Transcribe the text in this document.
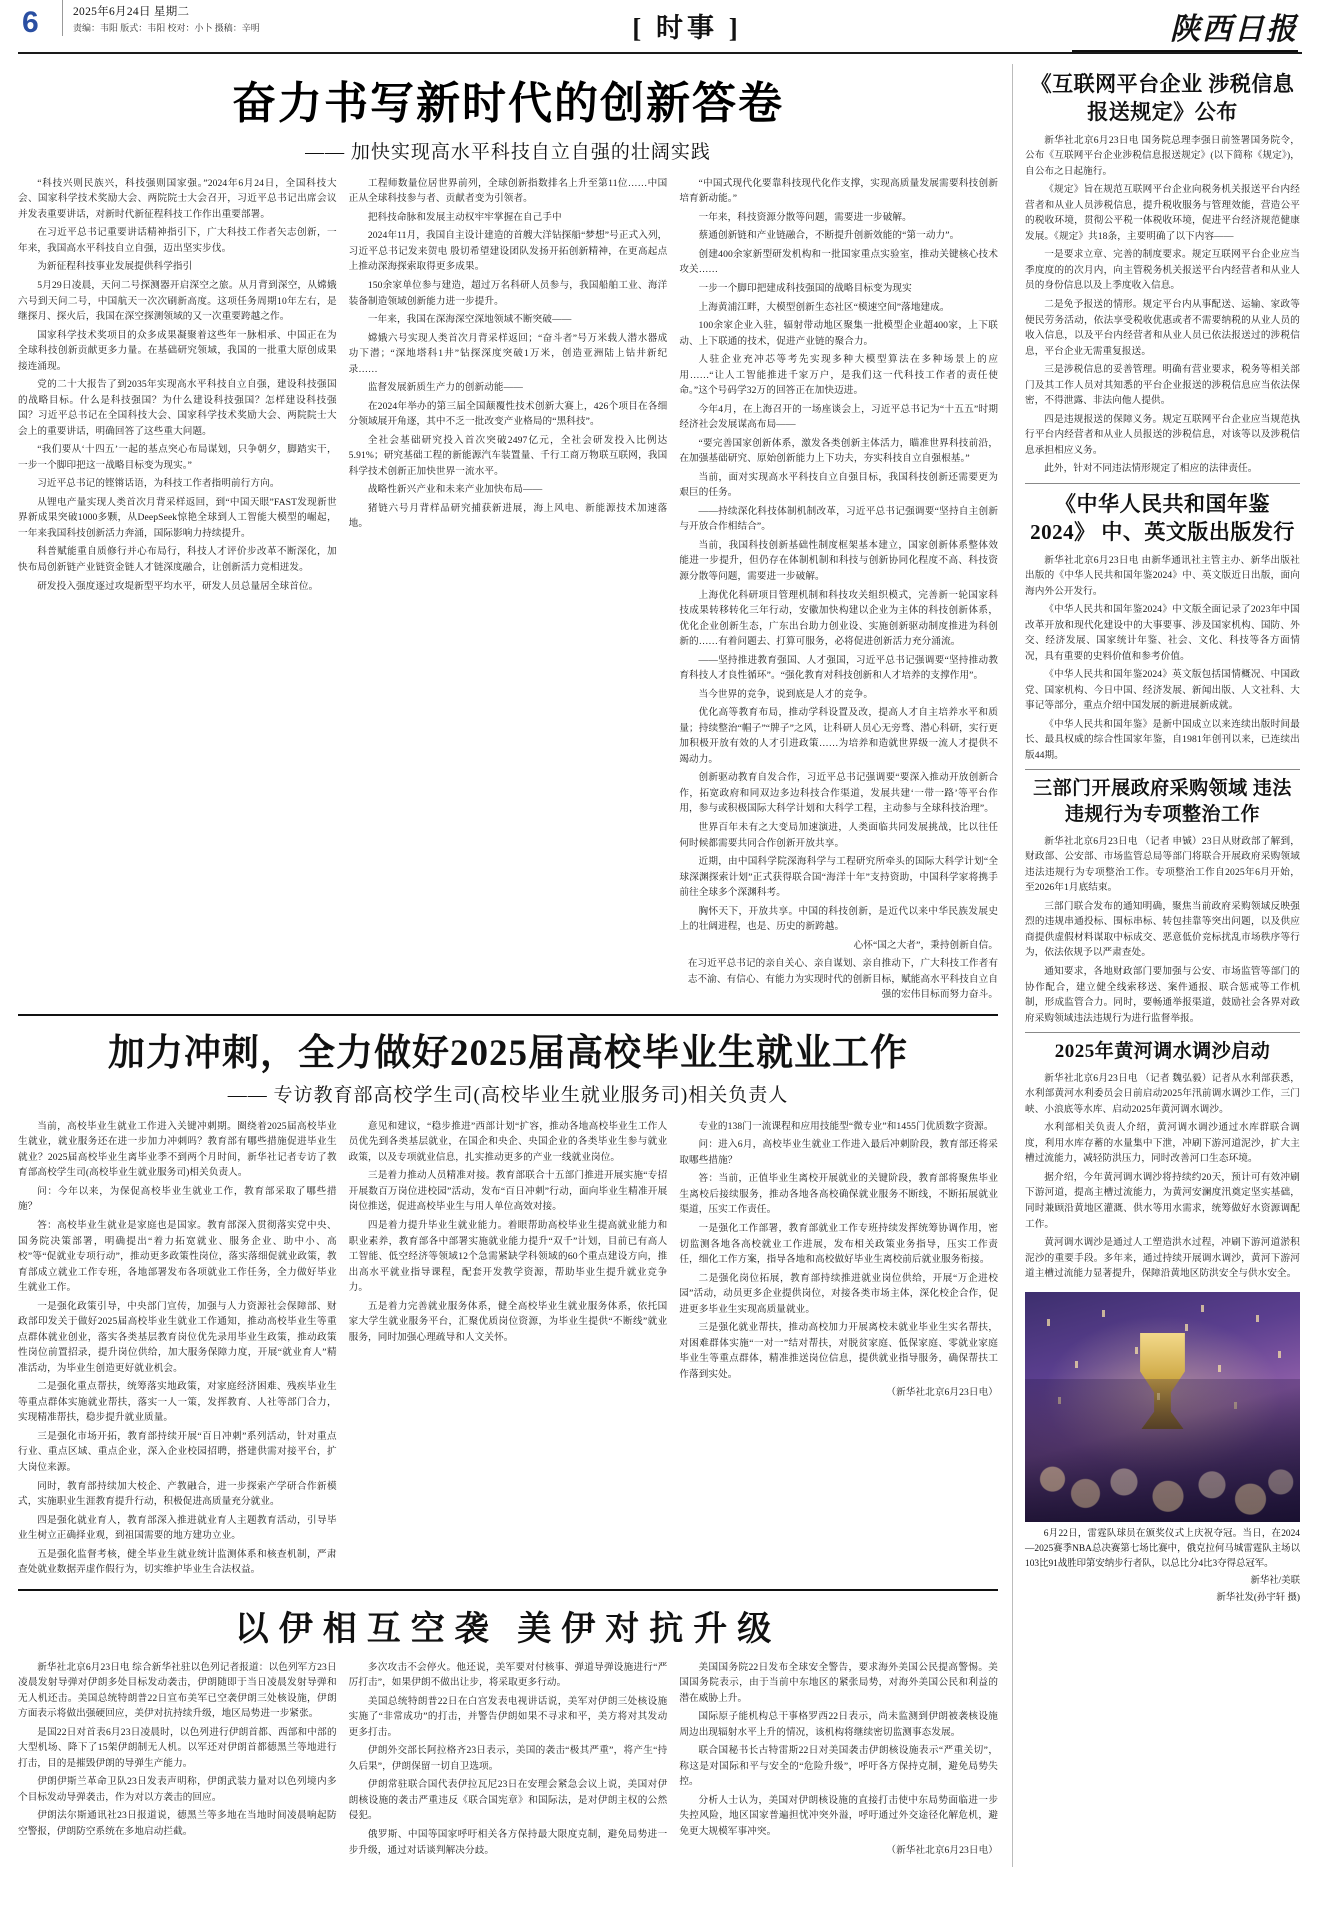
6	2025年6月24日 星期二
责编：韦阳 版式：韦阳 校对：小卜 摄稿：辛明	[ 时事 ]	陕西日报
奋力书写新时代的创新答卷
—— 加快实现高水平科技自立自强的壮阔实践

“科技兴则民族兴，科技强则国家强。”2024年6月24日，全国科技大会、国家科学技术奖励大会、两院院士大会召开，习近平总书记出席会议并发表重要讲话，对新时代新征程科技工作作出重要部署。

在习近平总书记重要讲话精神指引下，广大科技工作者矢志创新，一年来，我国高水平科技自立自强，迈出坚实步伐。

为新征程科技事业发展提供科学指引

5月29日凌晨，天问二号探测器开启深空之旅。从月背到深空，从嫦娥六号到天问二号，中国航天一次次刷新高度。这项任务周期10年左右，是继探月、探火后，我国在深空探测领域的又一次重要跨越之作。

国家科学技术奖项目的众多成果凝聚着这些年一脉相承、中国正在为全球科技创新贡献更多力量。在基础研究领域，我国的一批重大原创成果接连涌现。

党的二十大报告了到2035年实现高水平科技自立自强，建设科技强国的战略目标。什么是科技强国？为什么建设科技强国？怎样建设科技强国？习近平总书记在全国科技大会、国家科学技术奖励大会、两院院士大会上的重要讲话，明确回答了这些重大问题。

“我们要从‘十四五’一起的基点突心布局谋划，只争朝夕，脚踏实干，一步一个脚印把这一战略目标变为现实。”

习近平总书记的铿锵话语，为科技工作者指明前行方向。

从锂电产量实现人类首次月背采样返回，到“中国天眼”FAST发现新世界新成果突破1000多颗，从DeepSeek惊艳全球到人工智能大模型的崛起，一年来我国科技创新活力奔涌，国际影响力持续提升。

科普赋能重自质修行并心布局行，科技人才评价步改革不断深化，加快布局创新链产业链资金链人才链深度融合，让创新活力竞相迸发。

研发投入强度逐过攻堤新型平均水平，研发人员总量居全球首位。

工程师数量位居世界前列，全球创新指数排名上升至第11位……中国正从全球科技参与者、贡献者变为引领者。

把科技命脉和发展主动权牢牢掌握在自己手中

2024年11月，我国自主设计建造的首艘大洋钻探船“梦想”号正式入列，习近平总书记发来贺电 殷切希望建设团队发扬开拓创新精神，在更高起点上推动深海探索取得更多成果。

150余家单位参与建造，超过万名科研人员参与，我国船舶工业、海洋装备制造领域创新能力进一步提升。

一年来，我国在深海深空深地领域不断突破——

嫦娥六号实现人类首次月背采样返回；“奋斗者”号万米载人潜水器成功下潜；“深地塔科1井”钻探深度突破1万米，创造亚洲陆上钻井新纪录……

监督发展新质生产力的创新动能——

在2024年举办的第三届全国颠覆性技术创新大赛上，426个项目在各细分领域展开角逐，其中不乏一批改变产业格局的“黑科技”。

全社会基础研究投入首次突破2497亿元，全社会研发投入比例达5.91%；研究基础工程的新能源汽车装置量、千行工商万物联互联网，我国科学技术创新正加快世界一流水平。

战略性新兴产业和未来产业加快布局——

猪链六号月背样品研究捕获新进展，海上风电、新能源技术加速落地。

“中国式现代化要靠科技现代化作支撑，实现高质量发展需要科技创新培育新动能。”

一年来，科技资源分散等问题，需要进一步破解。

蔡通创新链和产业链融合，不断提升创新效能的“第一动力”。

创建400余家新型研发机构和一批国家重点实验室，推动关键核心技术攻关……

一步一个脚印把建成科技强国的战略目标变为现实

上海黄浦江畔，大模型创新生态社区“模速空间”落地建成。

100余家企业入驻，辐射带动地区聚集一批模型企业超400家，上下联动、上下联通的技术，促进产业链的聚合力。

人驻企业充冲芯等考先实现多种大模型算法在多种场景上的应用……“让人工智能推进千家万户，是我们这一代科技工作者的责任使命。”这个号码学32万的回答正在加快迈进。

今年4月，在上海召开的一场座谈会上，习近平总书记为“十五五”时期经济社会发展谋高布局——

“要完善国家创新体系，激发各类创新主体活力，瞄准世界科技前沿，在加强基础研究、原始创新能力上下功夫，夯实科技自立自强根基。”

当前，面对实现高水平科技自立自强目标，我国科技创新还需要更为艰巨的任务。

——持续深化科技体制机制改革，习近平总书记强调要“坚持自主创新与开放合作相结合”。

当前，我国科技创新基础性制度框架基本建立，国家创新体系整体效能进一步提升，但仍存在体制机制和科技与创新协同化程度不高、科技资源分散等问题，需要进一步破解。

上海优化科研项目管理机制和科技攻关组织模式，完善新一轮国家科技成果转移转化三年行动，安徽加快构建以企业为主体的科技创新体系，优化企业创新生态，广东出台助力创业设、实施创新驱动制度推进为科创新的……有着问题去、打算可服务，必将促进创新活力充分涌流。

——坚持推进教育强国、人才强国，习近平总书记强调要“坚持推动教育科技人才良性循环”。“强化教育对科技创新和人才培养的支撑作用”。

当今世界的竞争，说到底是人才的竞争。

优化高等教育布局，推动学科设置及改，提高人才自主培养水平和质量；持续整治“帽子”“牌子”之风，让科研人员心无旁骛、潜心科研，实行更加积极开放有效的人才引进政策……为培养和造就世界级一流人才提供不竭动力。

创新驱动教育自发合作，习近平总书记强调要“要深入推动开放创新合作，拓宽政府和同双边多边科技合作渠道，发展共建‘一带一路’等平台作用，参与或积极国际大科学计划和大科学工程，主动参与全球科技治理”。

世界百年未有之大变局加速演进，人类面临共同发展挑战，比以往任何时候都需要共同合作创新开放共享。

近期，由中国科学院深海科学与工程研究所牵头的国际大科学计划“全球深渊探索计划”正式获得联合国“海洋十年”支持资助，中国科学家将携手前往全球多个深渊科考。

胸怀天下，开放共享。中国的科技创新，是近代以来中华民族发展史上的壮阔进程，也是、历史的新跨越。

心怀“国之大者”，秉持创新自信。

在习近平总书记的亲自关心、亲自谋划、亲自推动下，广大科技工作者有志不渝、有信心、有能力为实现时代的创新目标，赋能高水平科技自立自强的宏伟目标而努力奋斗。

加力冲刺，全力做好2025届高校毕业生就业工作
—— 专访教育部高校学生司(高校毕业生就业服务司)相关负责人

当前，高校毕业生就业工作进入关键冲刺期。圈绕着2025届高校毕业生就业，就业服务还在进一步加力冲刺吗？教育部有哪些措施促进毕业生就业？2025届高校毕业生离毕业季不到两个月时间，新华社记者专访了教育部高校学生司(高校毕业生就业服务司)相关负责人。

问：今年以来，为保促高校毕业生就业工作，教育部采取了哪些措施？

答：高校毕业生就业是家庭也是国家。教育部深入贯彻落实党中央、国务院决策部署，明确提出“着力拓宽就业、服务企业、助中小、高校”等“促就业专项行动”，推动更多政策性岗位，落实落细促就业政策，教育部成立就业工作专班，各地部署发布各项就业工作任务，全力做好毕业生就业工作。

一是强化政策引导，中央部门宣传，加强与人力资源社会保障部、财政部印发关于做好2025届高校毕业生就业工作通知，推动高校毕业生等重点群体就业创业，落实各类基层教育岗位优先录用毕业生政策，推动政策性岗位前置招录，提升岗位供给，加大服务保障力度，开展“就业育人”精准活动，为毕业生创造更好就业机会。

二是强化重点帮扶，统筹落实地政策，对家庭经济困难、残疾毕业生等重点群体实施就业帮扶，落实一人一策，发挥教育、人社等部门合力，实现精准帮扶，稳步提升就业质量。

三是强化市场开拓，教育部持续开展“百日冲刺”系列活动，针对重点行业、重点区域、重点企业，深入企业校园招聘，搭建供需对接平台，扩大岗位来源。

同时，教育部持续加大校企、产教融合，进一步探索产学研合作新模式，实施职业生涯教育提升行动，积极促进高质量充分就业。

四是强化就业育人，教育部深入推进就业育人主题教育活动，引导毕业生树立正确择业观，到祖国需要的地方建功立业。

五是强化监督考核，健全毕业生就业统计监测体系和核查机制，严肃查处就业数据弄虚作假行为，切实维护毕业生合法权益。

意见和建议，“稳步推进”西部计划“扩容，推动各地高校毕业生工作人员优先到各类基层就业，在国企和央企、央国企业的各类毕业生参与就业政策，以及专项就业信息，扎实推动更多的产业一线就业岗位。

三是着力推动人员精准对接。教育部联合十五部门推进开展实施“专招开展数百万岗位进校园”活动，发布“百日冲刺”行动，面向毕业生精准开展岗位推送，促进高校毕业生与用人单位高效对接。

四是着力提升毕业生就业能力。着眼帮助高校毕业生提高就业能力和职业素养，教育部各中部署实施就业能力提升“双千”计划，目前已有高人工智能、低空经济等领域12个急需紧缺学科领域的60个重点建设方向，推出高水平就业指导课程，配套开发教学资源，帮助毕业生提升就业竞争力。

五是着力完善就业服务体系，健全高校毕业生就业服务体系，依托国家大学生就业服务平台，汇聚优质岗位资源，为毕业生提供“不断线”就业服务，同时加强心理疏导和人文关怀。

专业的138门一流课程和应用技能型“微专业”和1455门优质数字资源。

问：进入6月，高校毕业生就业工作进入最后冲刺阶段，教育部还将采取哪些措施？

答：当前，正值毕业生离校开展就业的关键阶段，教育部将聚焦毕业生离校后接续服务，推动各地各高校确保就业服务不断线，不断拓展就业渠道，压实工作责任。

一是强化工作部署，教育部就业工作专班持续发挥统筹协调作用，密切监测各地各高校就业工作进展，发布相关政策业务指导，压实工作责任，细化工作方案，指导各地和高校做好毕业生离校前后就业服务衔接。

二是强化岗位拓展，教育部持续推进就业岗位供给，开展“万企进校园”活动，动员更多企业提供岗位，对接各类市场主体，深化校企合作，促进更多毕业生实现高质量就业。

三是强化就业帮扶，推动高校加力开展离校未就业毕业生实名帮扶，对困难群体实施“一对一”结对帮扶，对脱贫家庭、低保家庭、零就业家庭毕业生等重点群体，精准推送岗位信息，提供就业指导服务，确保帮扶工作落到实处。

（新华社北京6月23日电）

以伊相互空袭 美伊对抗升级

新华社北京6月23日电 综合新华社驻以色列记者报道：以色列军方23日凌晨发射导弹对伊朗多处目标发动袭击，伊朗随即于当日凌晨发射导弹和无人机还击。美国总统特朗普22日宣布美军已空袭伊朗三处核设施，伊朗方面表示将做出强硬回应，美伊对抗持续升级，地区局势进一步紧张。

是国22日对首表6月23日凌晨时，以色列进行伊朗首都、西部和中部的大型机场、降下了15架伊朗制无人机。以军还对伊朗首都德黑兰等地进行打击，目的是摧毁伊朗的导弹生产能力。

伊朗伊斯兰革命卫队23日发表声明称，伊朗武装力量对以色列境内多个目标发动导弹袭击，作为对以方袭击的回应。

伊朗法尔斯通讯社23日报道说，德黑兰等多地在当地时间凌晨响起防空警报，伊朗防空系统在多地启动拦截。

多次攻击不会停火。他还说，美军要对付核事、弹道导弹设施进行“严厉打击”，如果伊朗不做出让步，将采取更多行动。

美国总统特朗普22日在白宫发表电视讲话说，美军对伊朗三处核设施实施了“非常成功”的打击，并警告伊朗如果不寻求和平，美方将对其发动更多打击。

伊朗外交部长阿拉格齐23日表示，美国的袭击“极其严重”，将产生“持久后果”，伊朗保留一切自卫选项。

伊朗常驻联合国代表伊拉瓦尼23日在安理会紧急会议上说，美国对伊朗核设施的袭击严重违反《联合国宪章》和国际法，是对伊朗主权的公然侵犯。

俄罗斯、中国等国家呼吁相关各方保持最大限度克制，避免局势进一步升级，通过对话谈判解决分歧。

美国国务院22日发布全球安全警告，要求海外美国公民提高警惕。美国国务院表示，由于当前中东地区的紧张局势，对海外美国公民和利益的潜在威胁上升。

国际原子能机构总干事格罗西22日表示，尚未监测到伊朗被袭核设施周边出现辐射水平上升的情况，该机构将继续密切监测事态发展。

联合国秘书长古特雷斯22日对美国袭击伊朗核设施表示“严重关切”，称这是对国际和平与安全的“危险升级”，呼吁各方保持克制，避免局势失控。

分析人士认为，美国对伊朗核设施的直接打击使中东局势面临进一步失控风险，地区国家普遍担忧冲突外溢，呼吁通过外交途径化解危机，避免更大规模军事冲突。

（新华社北京6月23日电）

《互联网平台企业 涉税信息报送规定》公布

新华社北京6月23日电 国务院总理李强日前签署国务院令，公布《互联网平台企业涉税信息报送规定》(以下简称《规定》)，自公布之日起施行。

《规定》旨在规范互联网平台企业向税务机关报送平台内经营者和从业人员涉税信息，提升税收服务与管理效能，营造公平的税收环境，贯彻公平税一体税收环境，促进平台经济规范健康发展。《规定》共18条，主要明确了以下内容——

一是要求立章、完善的制度要求。规定互联网平台企业应当季度度的的次月内，向主管税务机关报送平台内经营者和从业人员的身份信息以及上季度收入信息。

二是免予报送的情形。规定平台内从事配送、运输、家政等便民劳务活动，依法享受税收优惠或者不需要纳税的从业人员的收入信息，以及平台内经营者和从业人员已依法报送过的涉税信息，平台企业无需重复报送。

三是涉税信息的妥善管理。明确有营业要求，税务等相关部门及其工作人员对其知悉的平台企业报送的涉税信息应当依法保密，不得泄露、非法向他人提供。

四是违规报送的保障义务。规定互联网平台企业应当规范执行平台内经营者和从业人员报送的涉税信息，对该等以及涉税信息承担相应义务。

此外，针对不同违法情形规定了相应的法律责任。

《中华人民共和国年鉴2024》 中、英文版出版发行

新华社北京6月23日电 由新华通讯社主管主办、新华出版社出版的《中华人民共和国年鉴2024》中、英文版近日出版，面向海内外公开发行。

《中华人民共和国年鉴2024》中文版全面记录了2023年中国改革开放和现代化建设中的大事要事、涉及国家机构、国防、外交、经济发展、国家统计年鉴、社会、文化、科技等各方面情况，具有重要的史料价值和参考价值。

《中华人民共和国年鉴2024》英文版包括国情概况、中国政党、国家机构、今日中国、经济发展、新闻出版、人文社科、大事记等部分，重点介绍中国发展的新进展新成就。

《中华人民共和国年鉴》是新中国成立以来连续出版时间最长、最具权威的综合性国家年鉴，自1981年创刊以来，已连续出版44期。

三部门开展政府采购领域 违法违规行为专项整治工作

新华社北京6月23日电 （记者 申铖）23日从财政部了解到，财政部、公安部、市场监管总局等部门将联合开展政府采购领域违法违规行为专项整治工作。专项整治工作自2025年6月开始，至2026年1月底结束。

三部门联合发布的通知明确，聚焦当前政府采购领域反映强烈的违规串通投标、围标串标、转包挂靠等突出问题，以及供应商提供虚假材料谋取中标成交、恶意低价竞标扰乱市场秩序等行为，依法依规予以严肃查处。

通知要求，各地财政部门要加强与公安、市场监管等部门的协作配合，建立健全线索移送、案件通报、联合惩戒等工作机制，形成监管合力。同时，要畅通举报渠道，鼓励社会各界对政府采购领域违法违规行为进行监督举报。

2025年黄河调水调沙启动

新华社北京6月23日电 （记者 魏弘毅）记者从水利部获悉，水利部黄河水利委员会日前启动2025年汛前调水调沙工作，三门峡、小浪底等水库、启动2025年黄河调水调沙。

水利部相关负责人介绍，黄河调水调沙通过水库群联合调度，利用水库存蓄的水量集中下泄，冲刷下游河道泥沙，扩大主槽过流能力，减轻防洪压力，同时改善河口生态环境。

据介绍，今年黄河调水调沙将持续约20天，预计可有效冲刷下游河道，提高主槽过流能力，为黄河安澜度汛奠定坚实基础，同时兼顾沿黄地区灌溉、供水等用水需求，统筹做好水资源调配工作。

黄河调水调沙是通过人工塑造洪水过程，冲刷下游河道淤积泥沙的重要手段。多年来，通过持续开展调水调沙，黄河下游河道主槽过流能力显著提升，保障沿黄地区防洪安全与供水安全。

6月22日，雷霆队球员在颁奖仪式上庆祝夺冠。当日，在2024—2025赛季NBA总决赛第七场比赛中，俄克拉何马城雷霆队主场以103比91战胜印第安纳步行者队，以总比分4比3夺得总冠军。
新华社/美联
新华社发(孙宇轩 摄)
